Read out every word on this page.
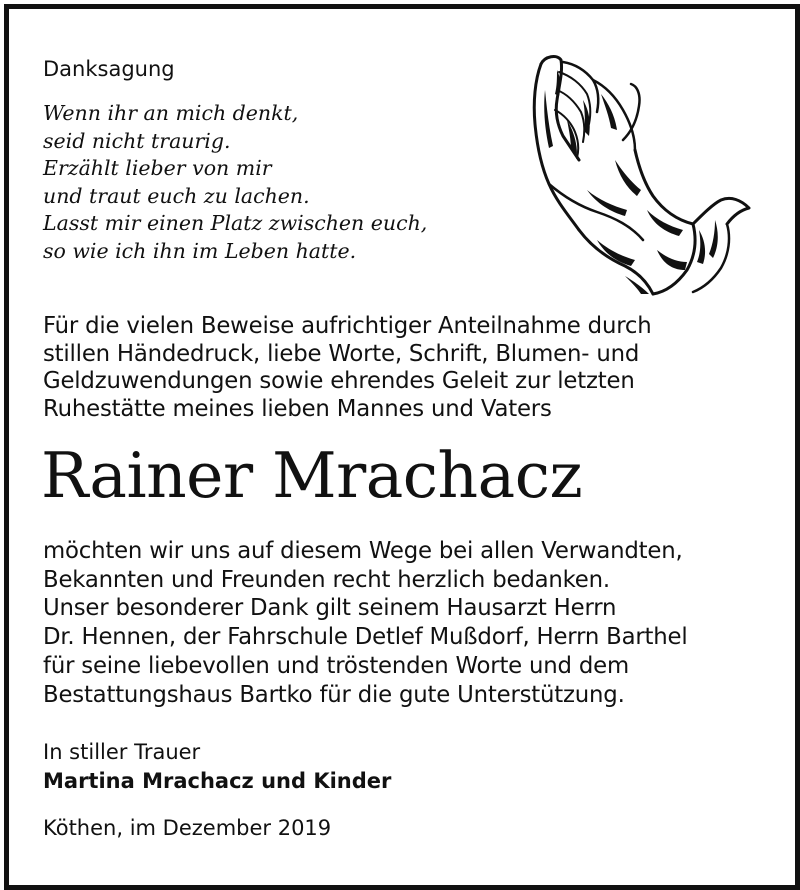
Danksagung
Wenn ihr an mich denkt,
seid nicht traurig.
Erzählt lieber von mir
und traut euch zu lachen.
Lasst mir einen Platz zwischen euch,
so wie ich ihn im Leben hatte.
Für die vielen Beweise aufrichtiger Anteilnahme durch
stillen Händedruck, liebe Worte, Schrift, Blumen- und
Geldzuwendungen sowie ehrendes Geleit zur letzten
Ruhestätte meines lieben Mannes und Vaters
Rainer Mrachacz
möchten wir uns auf diesem Wege bei allen Verwandten,
Bekannten und Freunden recht herzlich bedanken.
Unser besonderer Dank gilt seinem Hausarzt Herrn
Dr. Hennen, der Fahrschule Detlef Mußdorf, Herrn Barthel
für seine liebevollen und tröstenden Worte und dem
Bestattungshaus Bartko für die gute Unterstützung.
In stiller Trauer
Martina Mrachacz und Kinder
Köthen, im Dezember 2019
